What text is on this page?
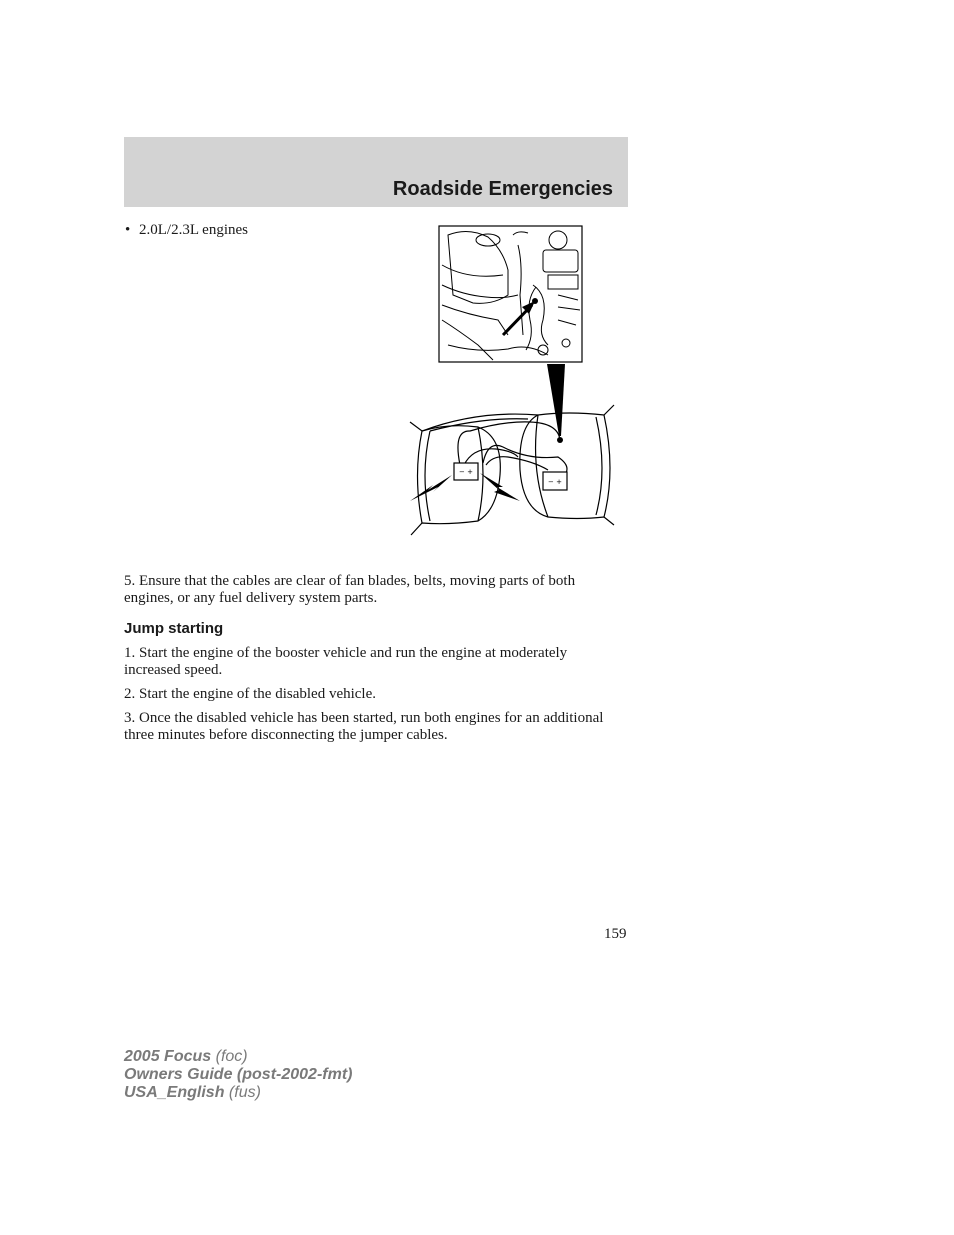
Roadside Emergencies
• 2.0L/2.3L engines
− +
− +

5. Ensure that the cables are clear of fan blades, belts, moving parts of both engines, or any fuel delivery system parts.

Jump starting

1. Start the engine of the booster vehicle and run the engine at moderately increased speed.

2. Start the engine of the disabled vehicle.

3. Once the disabled vehicle has been started, run both engines for an additional three minutes before disconnecting the jumper cables.

159
2005 Focus (foc)
Owners Guide (post-2002-fmt)
USA_English (fus)
